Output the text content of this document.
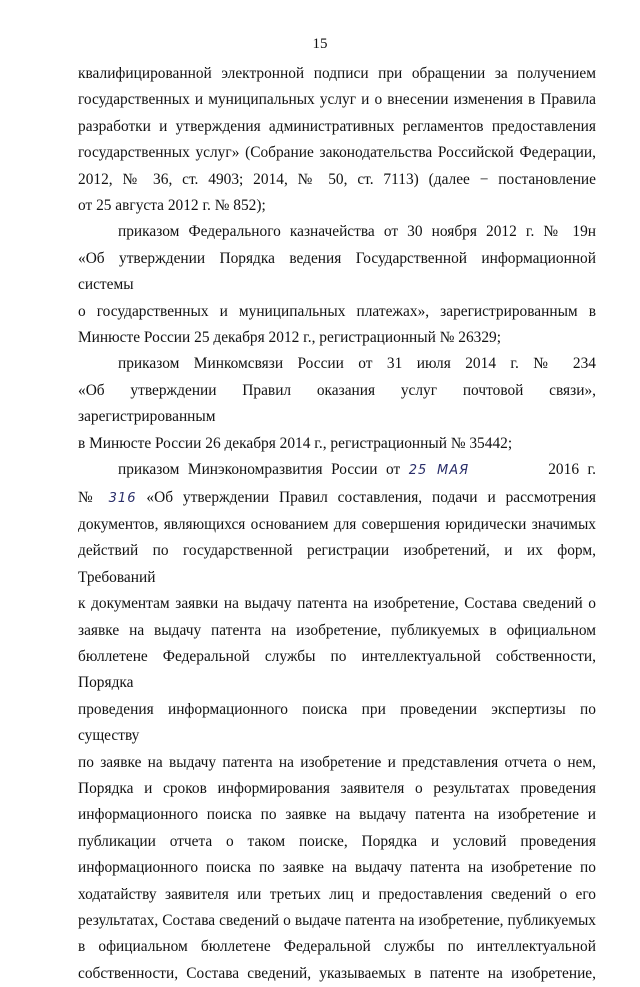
15

квалифицированной электронной подписи при обращении за получением

государственных и муниципальных услуг и о внесении изменения в Правила

разработки и утверждения административных регламентов предоставления

государственных услуг» (Собрание законодательства Российской Федерации,

2012, № 36, ст. 4903; 2014, № 50, ст. 7113) (далее − постановление

от 25 августа 2012 г. № 852);

приказом Федерального казначейства от 30 ноября 2012 г. № 19н

«Об утверждении Порядка ведения Государственной информационной системы

о государственных и муниципальных платежах», зарегистрированным в

Минюсте России 25 декабря 2012 г., регистрационный № 26329;

приказом Минкомсвязи России от 31 июля 2014 г. № 234

«Об утверждении Правил оказания услуг почтовой связи», зарегистрированным

в Минюсте России 26 декабря 2014 г., регистрационный № 35442;

приказом Минэкономразвития России от 25 МАЯ	2016 г.

№ 316 «Об утверждении Правил составления, подачи и рассмотрения

документов, являющихся основанием для совершения юридически значимых

действий по государственной регистрации изобретений, и их форм, Требований

к документам заявки на выдачу патента на изобретение, Состава сведений о

заявке на выдачу патента на изобретение, публикуемых в официальном

бюллетене Федеральной службы по интеллектуальной собственности, Порядка

проведения информационного поиска при проведении экспертизы по существу

по заявке на выдачу патента на изобретение и представления отчета о нем,

Порядка и сроков информирования заявителя о результатах проведения

информационного поиска по заявке на выдачу патента на изобретение и

публикации отчета о таком поиске, Порядка и условий проведения

информационного поиска по заявке на выдачу патента на изобретение по

ходатайству заявителя или третьих лиц и предоставления сведений о его

результатах, Состава сведений о выдаче патента на изобретение, публикуемых

в официальном бюллетене Федеральной службы по интеллектуальной

собственности, Состава сведений, указываемых в патенте на изобретение,
